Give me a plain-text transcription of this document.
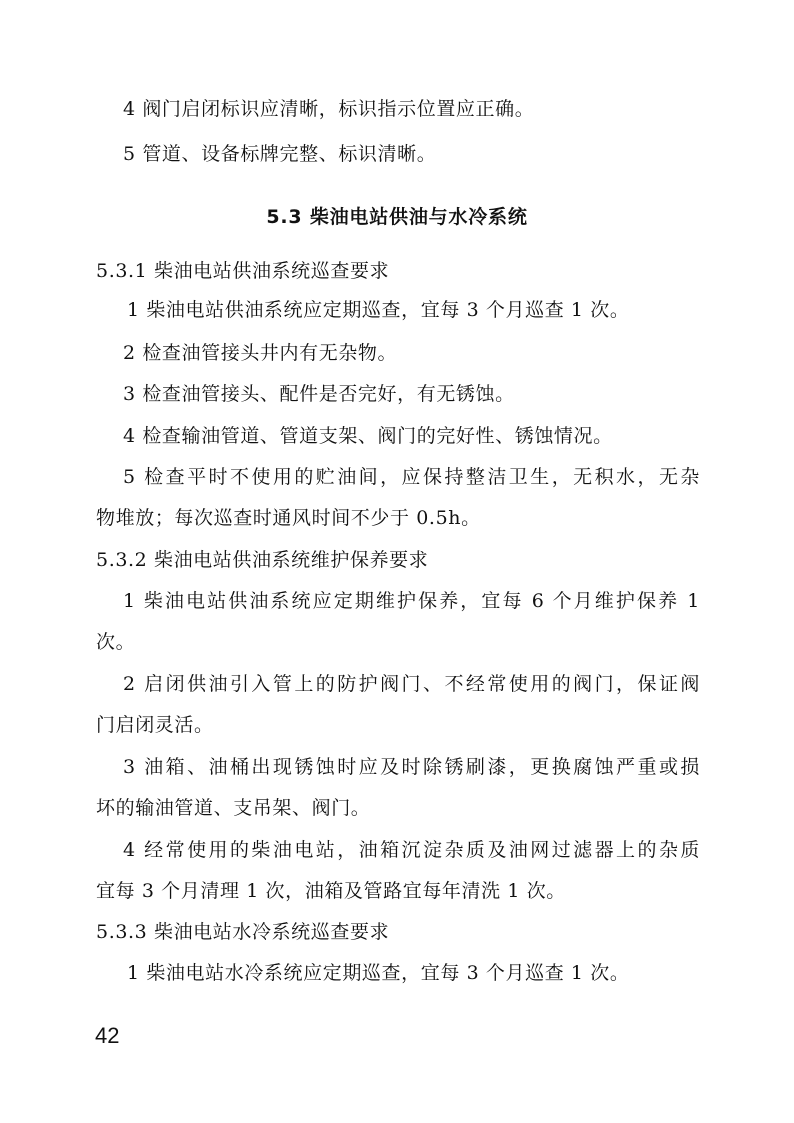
4 阀门启闭标识应清晰，标识指示位置应正确。
5 管道、设备标牌完整、标识清晰。
5.3 柴油电站供油与水冷系统
5.3.1 柴油电站供油系统巡查要求
1 柴油电站供油系统应定期巡查，宜每 3 个月巡查 1 次。
2 检查油管接头井内有无杂物。
3 检查油管接头、配件是否完好，有无锈蚀。
4 检查输油管道、管道支架、阀门的完好性、锈蚀情况。
5 检查平时不使用的贮油间，应保持整洁卫生，无积水，无杂
物堆放；每次巡查时通风时间不少于 0.5h。
5.3.2 柴油电站供油系统维护保养要求
1 柴油电站供油系统应定期维护保养，宜每 6 个月维护保养 1
次。
2 启闭供油引入管上的防护阀门、不经常使用的阀门，保证阀
门启闭灵活。
3 油箱、油桶出现锈蚀时应及时除锈刷漆，更换腐蚀严重或损
坏的输油管道、支吊架、阀门。
4 经常使用的柴油电站，油箱沉淀杂质及油网过滤器上的杂质
宜每 3 个月清理 1 次，油箱及管路宜每年清洗 1 次。
5.3.3 柴油电站水冷系统巡查要求
1 柴油电站水冷系统应定期巡查，宜每 3 个月巡查 1 次。
42
